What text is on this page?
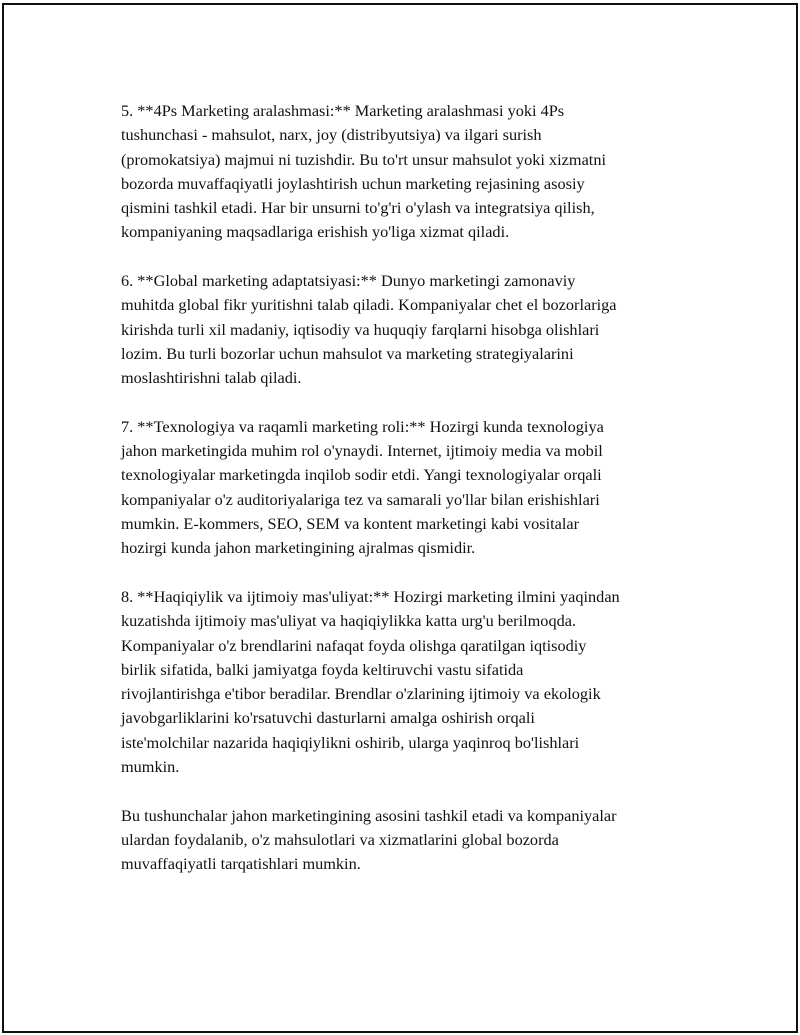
5. **4Ps Marketing aralashmasi:** Marketing aralashmasi yoki 4Ps
tushunchasi - mahsulot, narx, joy (distribyutsiya) va ilgari surish
(promokatsiya) majmui ni tuzishdir. Bu to'rt unsur mahsulot yoki xizmatni
bozorda muvaffaqiyatli joylashtirish uchun marketing rejasining asosiy
qismini tashkil etadi. Har bir unsurni to'g'ri o'ylash va integratsiya qilish,
kompaniyaning maqsadlariga erishish yo'liga xizmat qiladi.
6. **Global marketing adaptatsiyasi:** Dunyo marketingi zamonaviy
muhitda global fikr yuritishni talab qiladi. Kompaniyalar chet el bozorlariga
kirishda turli xil madaniy, iqtisodiy va huquqiy farqlarni hisobga olishlari
lozim. Bu turli bozorlar uchun mahsulot va marketing strategiyalarini
moslashtirishni talab qiladi.
7. **Texnologiya va raqamli marketing roli:** Hozirgi kunda texnologiya
jahon marketingida muhim rol o'ynaydi. Internet, ijtimoiy media va mobil
texnologiyalar marketingda inqilob sodir etdi. Yangi texnologiyalar orqali
kompaniyalar o'z auditoriyalariga tez va samarali yo'llar bilan erishishlari
mumkin. E-kommers, SEO, SEM va kontent marketingi kabi vositalar
hozirgi kunda jahon marketingining ajralmas qismidir.
8. **Haqiqiylik va ijtimoiy mas'uliyat:** Hozirgi marketing ilmini yaqindan
kuzatishda ijtimoiy mas'uliyat va haqiqiylikka katta urg'u berilmoqda.
Kompaniyalar o'z brendlarini nafaqat foyda olishga qaratilgan iqtisodiy
birlik sifatida, balki jamiyatga foyda keltiruvchi vastu sifatida
rivojlantirishga e'tibor beradilar. Brendlar o'zlarining ijtimoiy va ekologik
javobgarliklarini ko'rsatuvchi dasturlarni amalga oshirish orqali
iste'molchilar nazarida haqiqiylikni oshirib, ularga yaqinroq bo'lishlari
mumkin.
Bu tushunchalar jahon marketingining asosini tashkil etadi va kompaniyalar
ulardan foydalanib, o'z mahsulotlari va xizmatlarini global bozorda
muvaffaqiyatli tarqatishlari mumkin.
